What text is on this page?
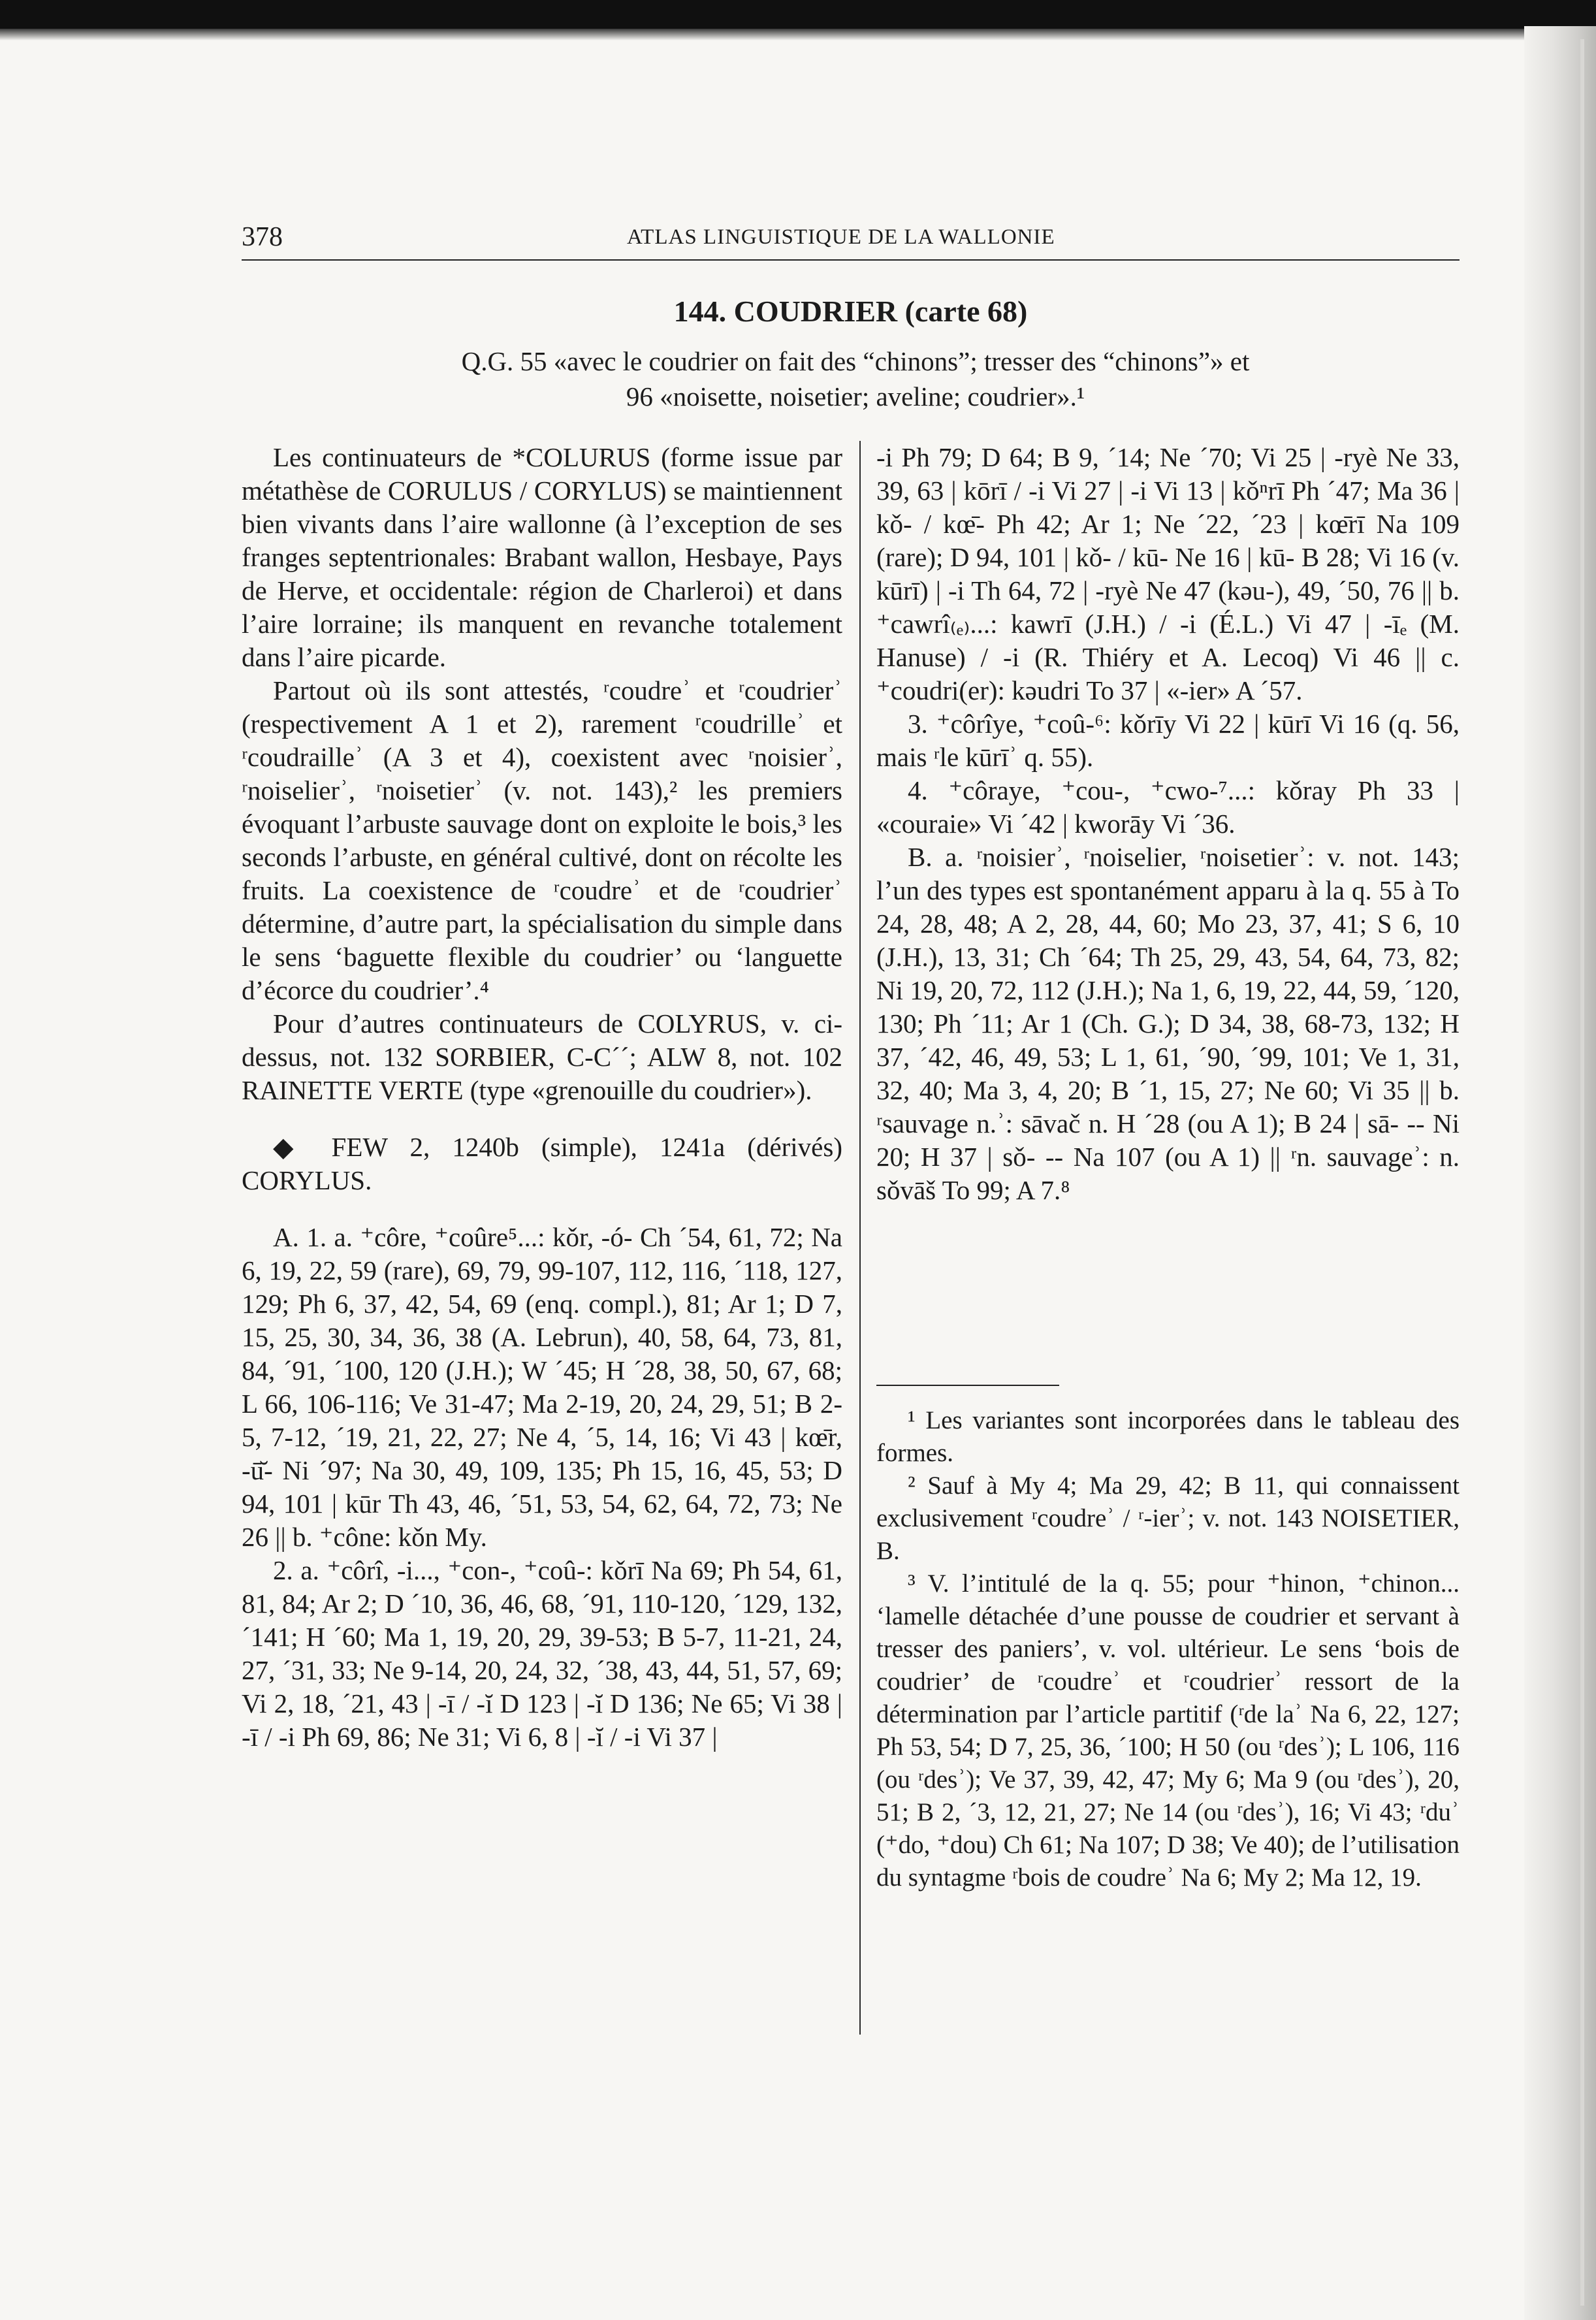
378	ATLAS LINGUISTIQUE DE LA WALLONIE
144. COUDRIER (carte 68)
Q.G. 55 «avec le coudrier on fait des “chinons”; tresser des “chinons”» et
96 «noisette, noisetier; aveline; coudrier».¹

Les continuateurs de *COLURUS (forme issue par métathèse de CORULUS / CORYLUS) se maintiennent bien vivants dans l’aire wallonne (à l’exception de ses franges septentrionales: Brabant wallon, Hesbaye, Pays de Herve, et occidentale: région de Charleroi) et dans l’aire lorraine; ils manquent en revanche totalement dans l’aire picarde.

Partout où ils sont attestés, ʳcoudreʾ et ʳcoudrierʾ (respectivement A 1 et 2), rarement ʳcoudrilleʾ et ʳcoudrailleʾ (A 3 et 4), coexistent avec ʳnoisierʾ, ʳnoiselierʾ, ʳnoisetierʾ (v. not. 143),² les premiers évoquant l’arbuste sauvage dont on exploite le bois,³ les seconds l’arbuste, en général cultivé, dont on récolte les fruits. La coexistence de ʳcoudreʾ et de ʳcoudrierʾ détermine, d’autre part, la spécialisation du simple dans le sens ‘baguette flexible du coudrier’ ou ‘languette d’écorce du coudrier’.⁴

Pour d’autres continuateurs de COLYRUS, v. ci-dessus, not. 132 SORBIER, C-C´´; ALW 8, not. 102 RAINETTE VERTE (type «grenouille du coudrier»).

◆ FEW 2, 1240b (simple), 1241a (dérivés) CORYLUS.

A. 1. a. ⁺côre, ⁺coûre⁵...: kǒr, -ó- Ch ´54, 61, 72; Na 6, 19, 22, 59 (rare), 69, 79, 99-107, 112, 116, ´118, 127, 129; Ph 6, 37, 42, 54, 69 (enq. compl.), 81; Ar 1; D 7, 15, 25, 30, 34, 36, 38 (A. Lebrun), 40, 58, 64, 73, 81, 84, ´91, ´100, 120 (J.H.); W ´45; H ´28, 38, 50, 67, 68; L 66, 106-116; Ve 31-47; Ma 2-19, 20, 24, 29, 51; B 2-5, 7-12, ´19, 21, 22, 27; Ne 4, ´5, 14, 16; Vi 43 | kœ̄r, -ū̆- Ni ´97; Na 30, 49, 109, 135; Ph 15, 16, 45, 53; D 94, 101 | kūr Th 43, 46, ´51, 53, 54, 62, 64, 72, 73; Ne 26 || b. ⁺cône: kǒn My.

2. a. ⁺côrî, -i..., ⁺con-, ⁺coû-: kǒrī Na 69; Ph 54, 61, 81, 84; Ar 2; D ´10, 36, 46, 68, ´91, 110-120, ´129, 132, ´141; H ´60; Ma 1, 19, 20, 29, 39-53; B 5-7, 11-21, 24, 27, ´31, 33; Ne 9-14, 20, 24, 32, ´38, 43, 44, 51, 57, 69; Vi 2, 18, ´21, 43 | -ī / -ĭ D 123 | -ĭ D 136; Ne 65; Vi 38 | -ī / -i Ph 69, 86; Ne 31; Vi 6, 8 | -ĭ / -i Vi 37 |

-i Ph 79; D 64; B 9, ´14; Ne ´70; Vi 25 | -ryè Ne 33, 39, 63 | kōrī / -i Vi 27 | -i Vi 13 | kǒⁿrī Ph ´47; Ma 36 | kǒ- / kœ̄- Ph 42; Ar 1; Ne ´22, ´23 | kœ̄rī Na 109 (rare); D 94, 101 | kǒ- / kū- Ne 16 | kū- B 28; Vi 16 (v. kūrī) | -i Th 64, 72 | -ryè Ne 47 (kǝu-), 49, ´50, 76 || b. ⁺cawrî₍ₑ₎...: kawrī (J.H.) / -i (É.L.) Vi 47 | -īₑ (M. Hanuse) / -i (R. Thiéry et A. Lecoq) Vi 46 || c. ⁺coudri(er): kǝudri To 37 | «-ier» A ´57.

3. ⁺côrîye, ⁺coû-⁶: kǒrīy Vi 22 | kūrī Vi 16 (q. 56, mais ʳle kūrīʾ q. 55).

4. ⁺côraye, ⁺cou-, ⁺cwo-⁷...: kǒray Ph 33 | «couraie» Vi ´42 | kworāy Vi ´36.

B. a. ʳnoisierʾ, ʳnoiselier, ʳnoisetierʾ: v. not. 143; l’un des types est spontanément apparu à la q. 55 à To 24, 28, 48; A 2, 28, 44, 60; Mo 23, 37, 41; S 6, 10 (J.H.), 13, 31; Ch ´64; Th 25, 29, 43, 54, 64, 73, 82; Ni 19, 20, 72, 112 (J.H.); Na 1, 6, 19, 22, 44, 59, ´120, 130; Ph ´11; Ar 1 (Ch. G.); D 34, 38, 68-73, 132; H 37, ´42, 46, 49, 53; L 1, 61, ´90, ´99, 101; Ve 1, 31, 32, 40; Ma 3, 4, 20; B ´1, 15, 27; Ne 60; Vi 35 || b. ʳsauvage n.ʾ: sāvač n. H ´28 (ou A 1); B 24 | sā- -- Ni 20; H 37 | sǒ- -- Na 107 (ou A 1) || ʳn. sauvageʾ: n. sǒvāš To 99; A 7.⁸

¹ Les variantes sont incorporées dans le tableau des formes.

² Sauf à My 4; Ma 29, 42; B 11, qui connaissent exclusivement ʳcoudreʾ / ʳ-ierʾ; v. not. 143 NOISETIER, B.

³ V. l’intitulé de la q. 55; pour ⁺hinon, ⁺chinon... ‘lamelle détachée d’une pousse de coudrier et servant à tresser des paniers’, v. vol. ultérieur. Le sens ‘bois de coudrier’ de ʳcoudreʾ et ʳcoudrierʾ ressort de la détermination par l’article partitif (ʳde laʾ Na 6, 22, 127; Ph 53, 54; D 7, 25, 36, ´100; H 50 (ou ʳdesʾ); L 106, 116 (ou ʳdesʾ); Ve 37, 39, 42, 47; My 6; Ma 9 (ou ʳdesʾ), 20, 51; B 2, ´3, 12, 21, 27; Ne 14 (ou ʳdesʾ), 16; Vi 43; ʳduʾ (⁺do, ⁺dou) Ch 61; Na 107; D 38; Ve 40); de l’utilisation du syntagme ʳbois de coudreʾ Na 6; My 2; Ma 12, 19.
